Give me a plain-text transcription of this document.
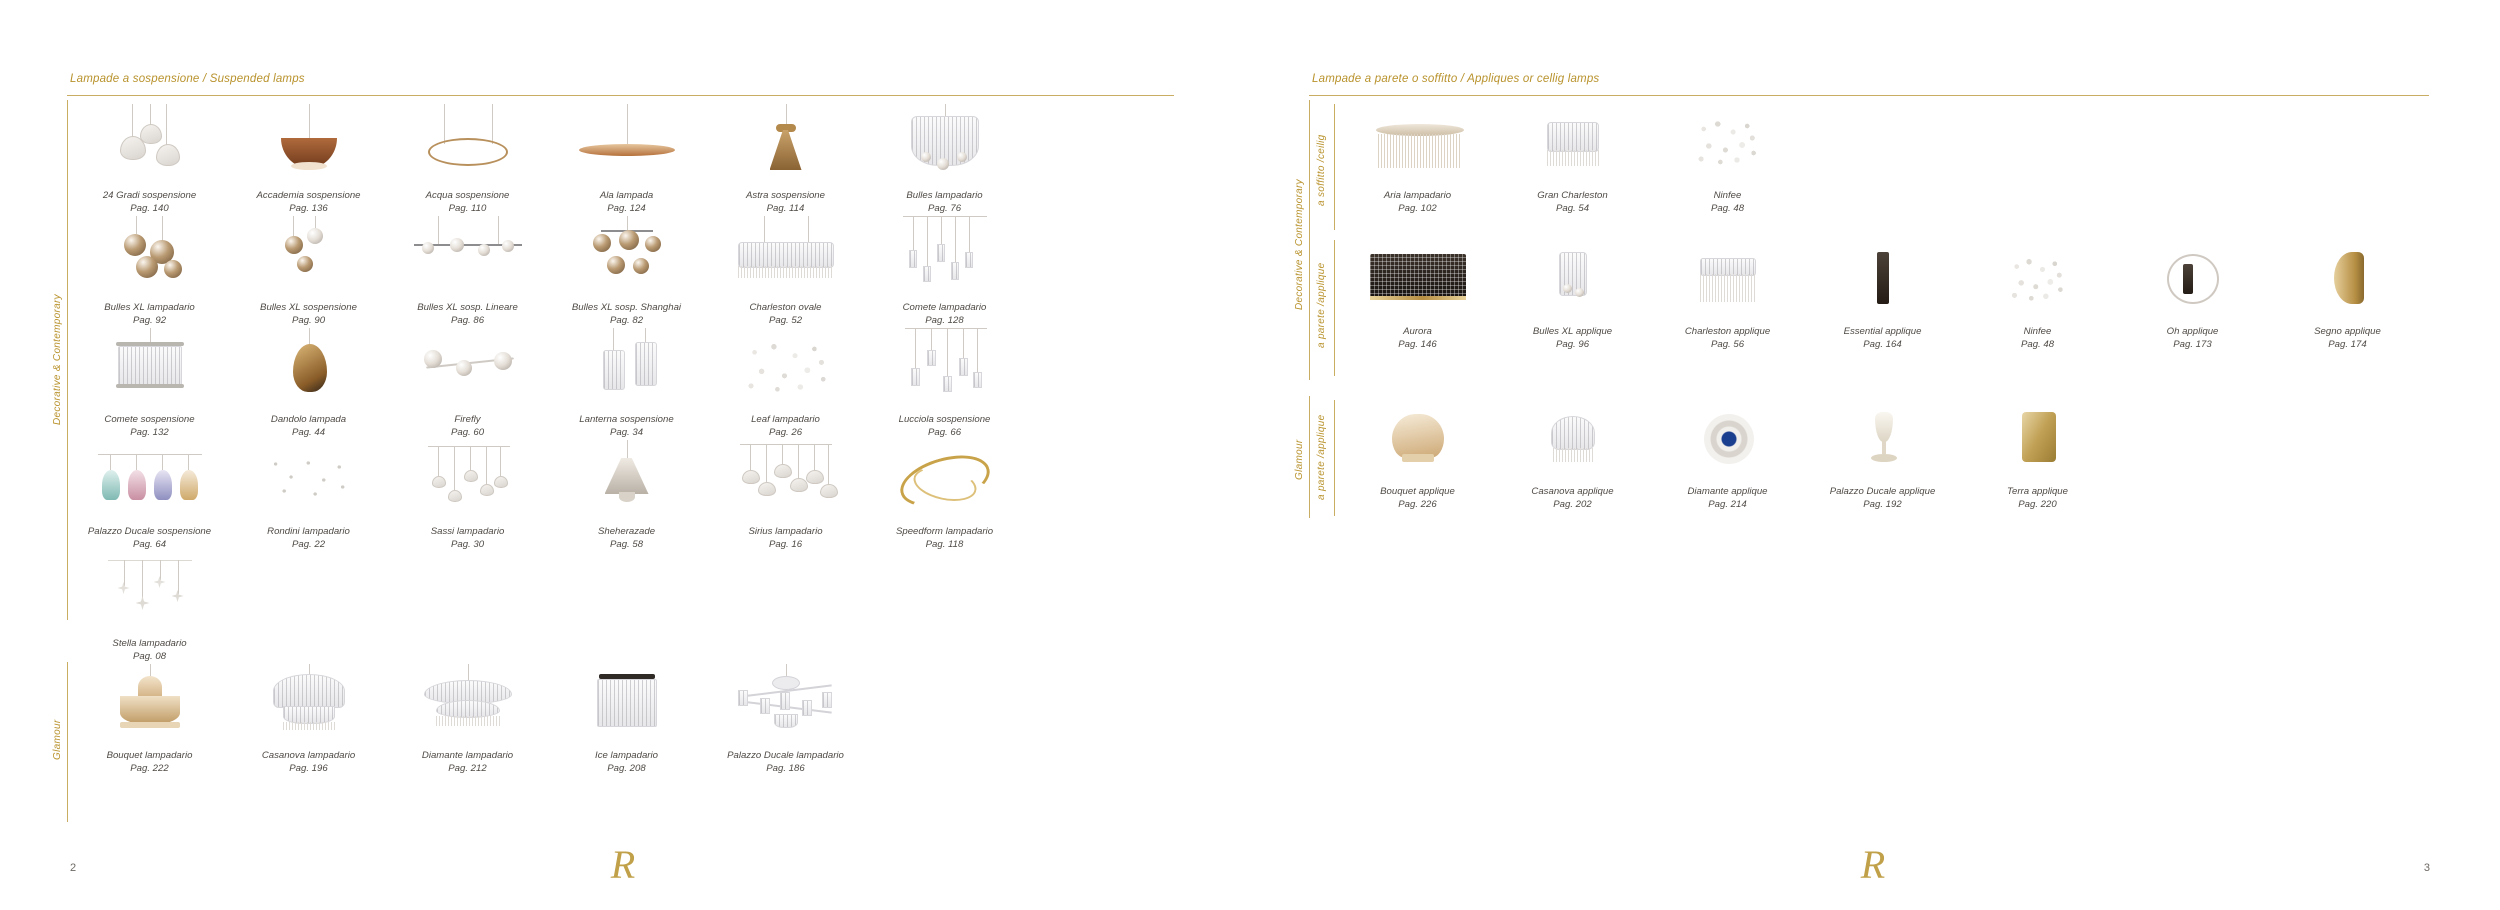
Lampade a sospensione / Suspended lamps
Decorative & Contemporary
Glamour
24 Gradi sospensione
Pag. 140
Accademia sospensione
Pag. 136
Acqua sospensione
Pag. 110
Ala lampada
Pag. 124
Astra sospensione
Pag. 114
Bulles lampadario
Pag. 76
Bulles XL lampadario
Pag. 92
Bulles XL sospensione
Pag. 90
Bulles XL sosp. Lineare
Pag. 86
Bulles XL sosp. Shanghai
Pag. 82
Charleston ovale
Pag. 52
Comete lampadario
Pag. 128
Comete sospensione
Pag. 132
Dandolo lampada
Pag. 44
Firefly
Pag. 60
Lanterna sospensione
Pag. 34
Leaf lampadario
Pag. 26
Lucciola sospensione
Pag. 66
Palazzo Ducale sospensione
Pag. 64
Rondini lampadario
Pag. 22
Sassi lampadario
Pag. 30
Sheherazade
Pag. 58
Sirius lampadario
Pag. 16
Speedform lampadario
Pag. 118
Stella lampadario
Pag. 08
Bouquet lampadario
Pag. 222
Casanova lampadario
Pag. 196
Diamante lampadario
Pag. 212
Ice lampadario
Pag. 208
Palazzo Ducale lampadario
Pag. 186
2	R
Lampade a parete o soffitto / Appliques or cellig lamps
Decorative & Contemporary
a soffitto /ceilig
a parete /applique
Glamour a parete /applique
Aria lampadario
Pag. 102
Gran Charleston
Pag. 54
Ninfee
Pag. 48
Aurora
Pag. 146
Bulles XL applique
Pag. 96
Charleston applique
Pag. 56
Essential applique
Pag. 164
Ninfee
Pag. 48
Oh applique
Pag. 173
Segno applique
Pag. 174
Bouquet applique
Pag. 226
Casanova applique
Pag. 202
Diamante applique
Pag. 214
Palazzo Ducale applique
Pag. 192
Terra applique
Pag. 220
3
R
